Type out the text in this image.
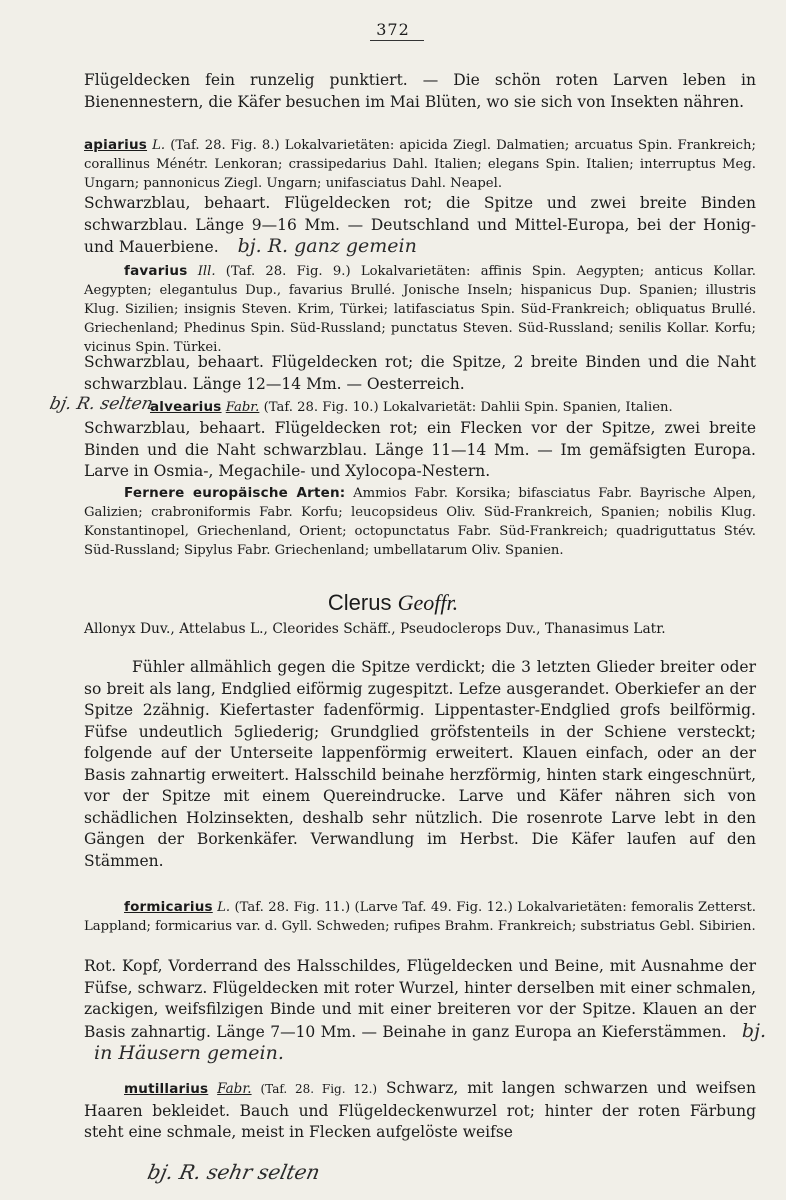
372
Flügeldecken fein runzelig punktiert. — Die schön roten Larven leben in Bienennestern, die Käfer besuchen im Mai Blüten, wo sie sich von Insekten nähren.
apiarius L. (Taf. 28. Fig. 8.) Lokalvarietäten: apicida Ziegl. Dalmatien; arcuatus Spin. Frankreich; corallinus Ménétr. Lenkoran; crassipedarius Dahl. Italien; elegans Spin. Italien; interruptus Meg. Ungarn; pannonicus Ziegl. Ungarn; unifasciatus Dahl. Neapel.
Schwarzblau, behaart. Flügeldecken rot; die Spitze und zwei breite Binden schwarzblau. Länge 9—16 Mm. — Deutschland und Mittel-Europa, bei der Honig- und Mauerbiene. bj. R. ganz gemein
favarius Ill. (Taf. 28. Fig. 9.) Lokalvarietäten: affinis Spin. Aegypten; anticus Kollar. Aegypten; elegantulus Dup., favarius Brullé. Jonische Inseln; hispanicus Dup. Spanien; illustris Klug. Sizilien; insignis Steven. Krim, Türkei; latifasciatus Spin. Süd-Frankreich; obliquatus Brullé. Griechenland; Phedinus Spin. Süd-Russland; punctatus Steven. Süd-Russland; senilis Kollar. Korfu; vicinus Spin. Türkei.
Schwarzblau, behaart. Flügeldecken rot; die Spitze, 2 breite Binden und die Naht schwarzblau. Länge 12—14 Mm. — Oesterreich.
bj. R. selten
alvearius Fabr. (Taf. 28. Fig. 10.) Lokalvarietät: Dahlii Spin. Spanien, Italien.
Schwarzblau, behaart. Flügeldecken rot; ein Flecken vor der Spitze, zwei breite Binden und die Naht schwarzblau. Länge 11—14 Mm. — Im gemäfsigten Europa. Larve in Osmia-, Megachile- und Xylocopa-Nestern.
Fernere europäische Arten: Ammios Fabr. Korsika; bifasciatus Fabr. Bayrische Alpen, Galizien; crabroniformis Fabr. Korfu; leucopsideus Oliv. Süd-Frankreich, Spanien; nobilis Klug. Konstantinopel, Griechenland, Orient; octopunctatus Fabr. Süd-Frankreich; quadriguttatus Stév. Süd-Russland; Sipylus Fabr. Griechenland; umbellatarum Oliv. Spanien.
Clerus Geoffr.
Allonyx Duv., Attelabus L., Cleorides Schäff., Pseudoclerops Duv., Thanasimus Latr.
Fühler allmählich gegen die Spitze verdickt; die 3 letzten Glieder breiter oder so breit als lang, Endglied eiförmig zugespitzt. Lefze ausgerandet. Oberkiefer an der Spitze 2zähnig. Kiefertaster fadenförmig. Lippentaster-Endglied grofs beilförmig. Füfse undeutlich 5gliederig; Grundglied gröfstenteils in der Schiene versteckt; folgende auf der Unterseite lappenförmig erweitert. Klauen einfach, oder an der Basis zahnartig erweitert. Halsschild beinahe herzförmig, hinten stark eingeschnürt, vor der Spitze mit einem Quereindrucke. Larve und Käfer nähren sich von schädlichen Holzinsekten, deshalb sehr nützlich. Die rosenrote Larve lebt in den Gängen der Borkenkäfer. Verwandlung im Herbst. Die Käfer laufen auf den Stämmen.
formicarius L. (Taf. 28. Fig. 11.) (Larve Taf. 49. Fig. 12.) Lokalvarietäten: femoralis Zetterst. Lappland; formicarius var. d. Gyll. Schweden; rufipes Brahm. Frankreich; substriatus Gebl. Sibirien.
Rot. Kopf, Vorderrand des Halsschildes, Flügeldecken und Beine, mit Ausnahme der Füfse, schwarz. Flügeldecken mit roter Wurzel, hinter derselben mit einer schmalen, zackigen, weifsfilzigen Binde und mit einer breiteren vor der Spitze. Klauen an der Basis zahnartig. Länge 7—10 Mm. — Beinahe in ganz Europa an Kieferstämmen. bj. in Häusern gemein.
mutillarius Fabr. (Taf. 28. Fig. 12.) Schwarz, mit langen schwarzen und weifsen Haaren bekleidet. Bauch und Flügeldeckenwurzel rot; hinter der roten Färbung steht eine schmale, meist in Flecken aufgelöste weifse
bj. R. sehr selten
